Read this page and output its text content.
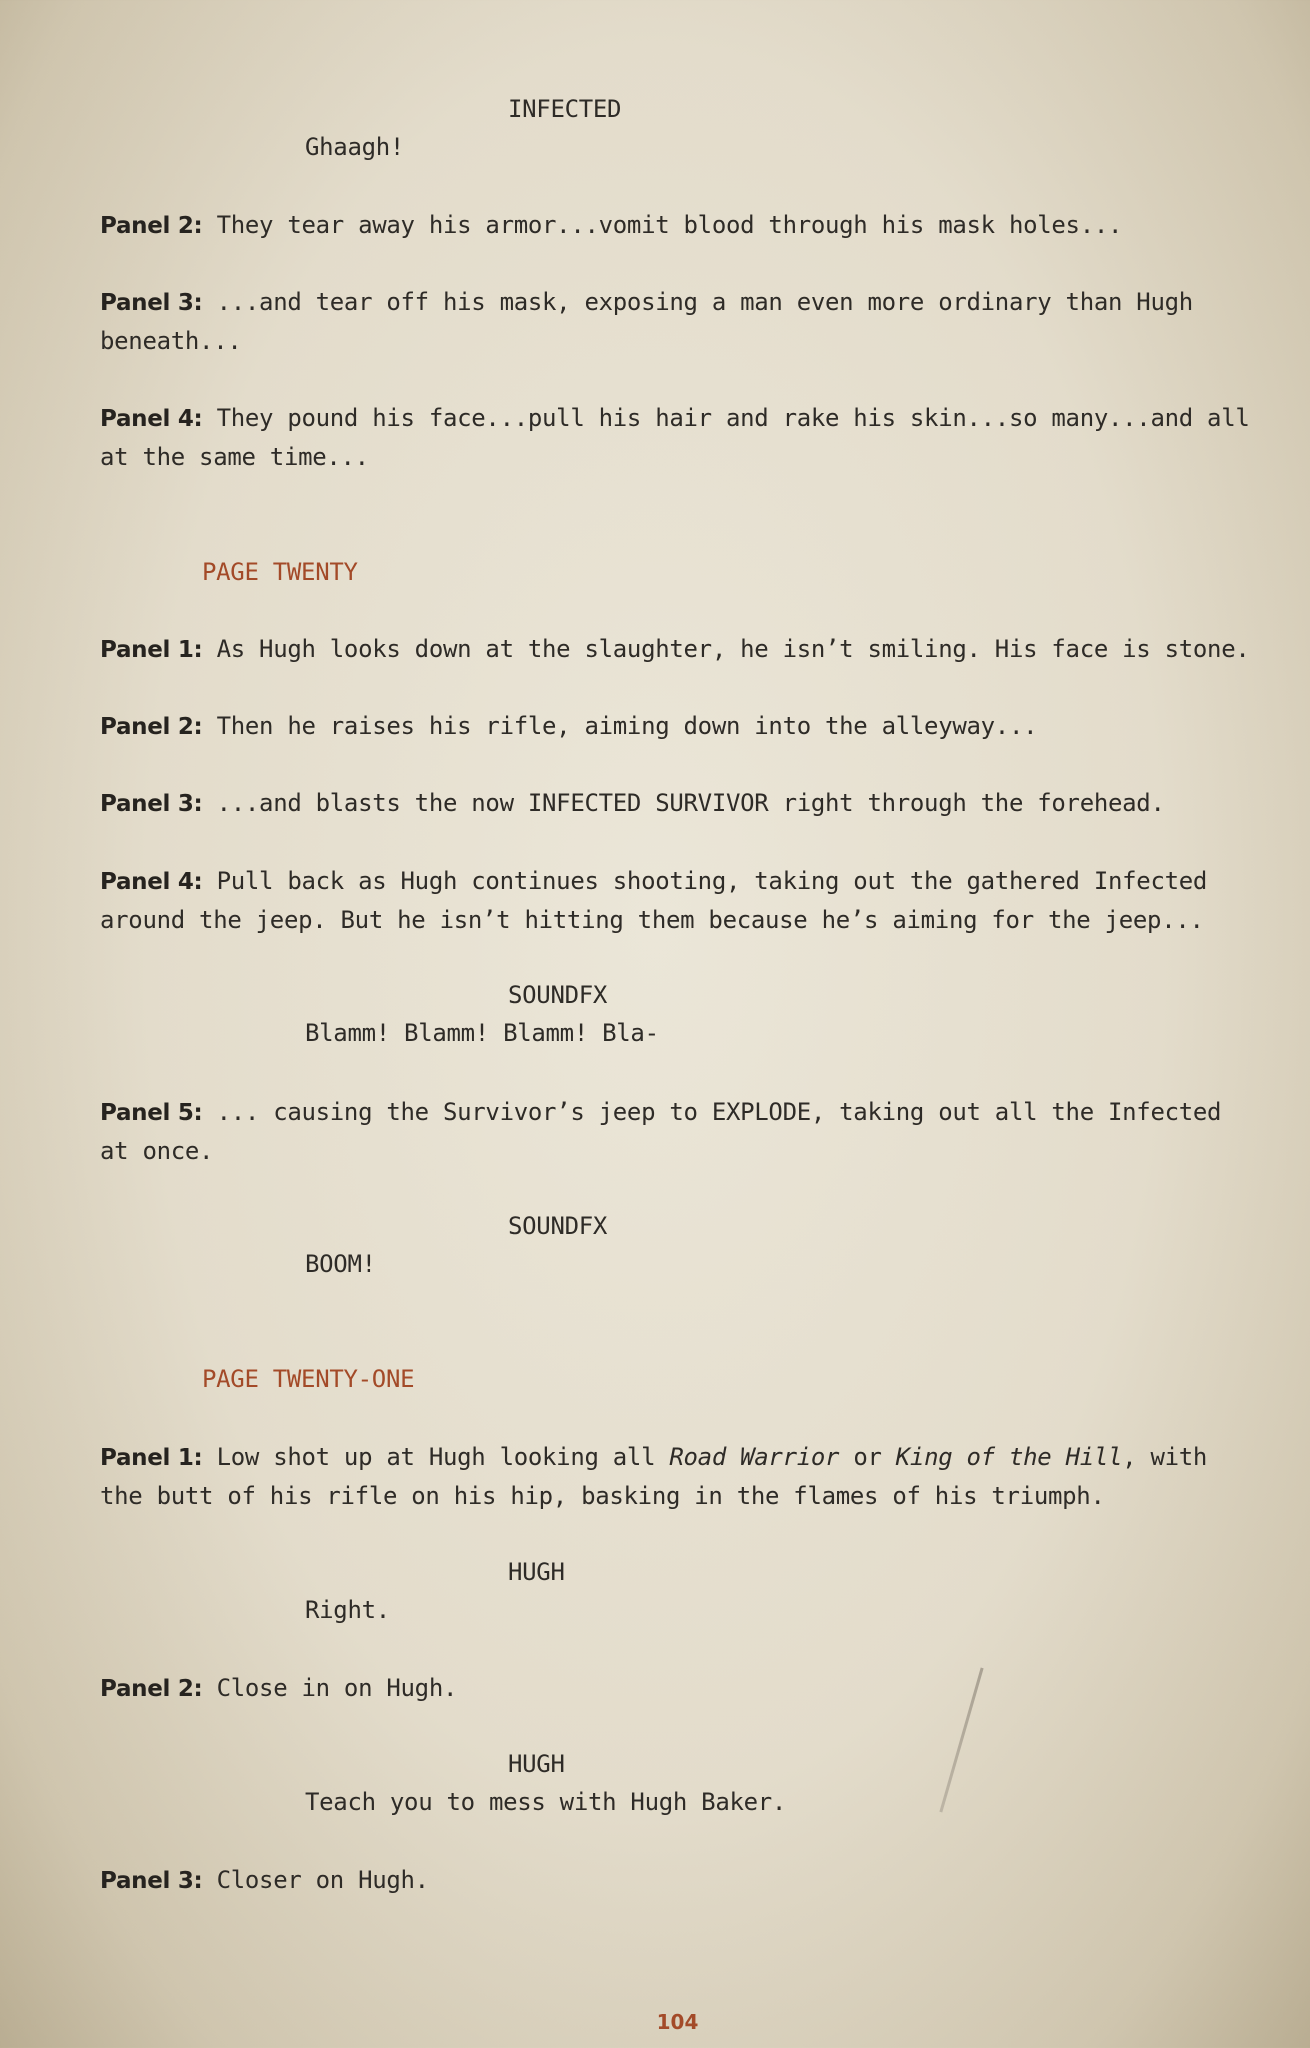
INFECTED
Ghaagh!
Panel 2: They tear away his armor...vomit blood through his mask holes...
Panel 3: ...and tear off his mask, exposing a man even more ordinary than Hugh beneath...
Panel 4: They pound his face...pull his hair and rake his skin...so many...and all at the same time...
PAGE TWENTY
Panel 1: As Hugh looks down at the slaughter, he isn’t smiling. His face is stone.
Panel 2: Then he raises his rifle, aiming down into the alleyway...
Panel 3: ...and blasts the now INFECTED SURVIVOR right through the forehead.
Panel 4: Pull back as Hugh continues shooting, taking out the gathered Infected around the jeep. But he isn’t hitting them because he’s aiming for the jeep...
SOUNDFX
Blamm! Blamm! Blamm! Bla-
Panel 5: ... causing the Survivor’s jeep to EXPLODE, taking out all the Infected at once.
SOUNDFX
BOOM!
PAGE TWENTY-ONE
Panel 1: Low shot up at Hugh looking all Road Warrior or King of the Hill, with the butt of his rifle on his hip, basking in the flames of his triumph.
HUGH
Right.
Panel 2: Close in on Hugh.
HUGH
Teach you to mess with Hugh Baker.
Panel 3: Closer on Hugh.
104
